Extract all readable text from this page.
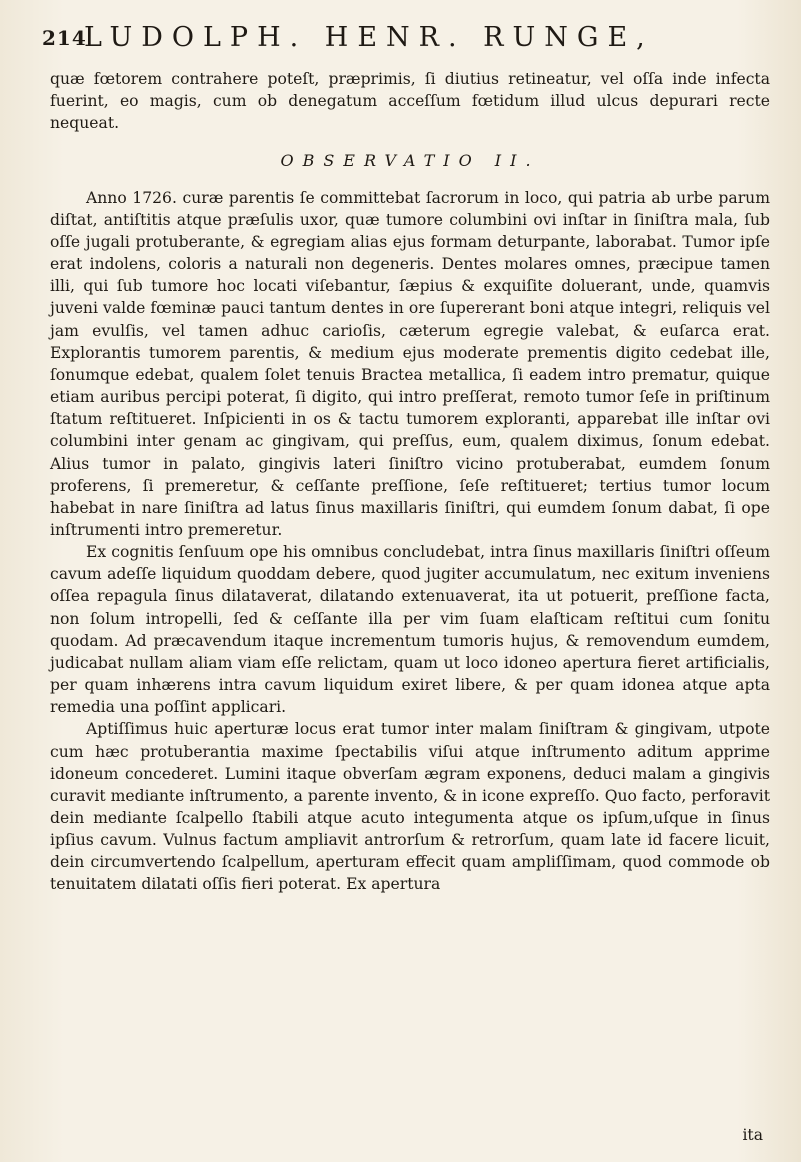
214
LUDOLPH. HENR. RUNGE,

quæ fœtorem contrahere poteſt, præprimis, ſi diutius retineatur, vel oſſa inde infecta fuerint, eo magis, cum ob denegatum acceſſum fœtidum illud ulcus depurari recte nequeat.

OBSERVATIO II.

Anno 1726. curæ parentis ſe committebat ſacrorum in loco, qui patria ab urbe parum diſtat, antiſtitis atque præſulis uxor, quæ tumore columbini ovi inſtar in ſiniſtra mala, ſub oſſe jugali protuberante, & egregiam alias ejus formam deturpante, laborabat. Tumor ipſe erat indolens, coloris a naturali non degeneris. Dentes molares omnes, præcipue tamen illi, qui ſub tumore hoc locati viſebantur, ſæpius & exquiſite doluerant, unde, quamvis juveni valde fœminæ pauci tantum dentes in ore ſupererant boni atque integri, reliquis vel jam evulſis, vel tamen adhuc carioſis, cæterum egregie valebat, & euſarca erat. Explorantis tumorem parentis, & medium ejus moderate prementis digito cedebat ille, ſonumque edebat, qualem ſolet tenuis Bractea metallica, ſi eadem intro prematur, quique etiam auribus percipi poterat, ſi digito, qui intro preſſerat, remoto tumor ſeſe in priſtinum ſtatum reſtitueret. Inſpicienti in os & tactu tumorem exploranti, apparebat ille inſtar ovi columbini inter genam ac gingivam, qui preſſus, eum, qualem diximus, ſonum edebat. Alius tumor in palato, gingivis lateri ſiniſtro vicino protuberabat, eumdem ſonum proferens, ſi premeretur, & ceſſante preſſione, ſeſe reſtitueret; tertius tumor locum habebat in nare ſiniſtra ad latus ſinus maxillaris ſiniſtri, qui eumdem ſonum dabat, ſi ope inſtrumenti intro premeretur.

Ex cognitis ſenſuum ope his omnibus concludebat, intra ſinus maxillaris ſiniſtri oſſeum cavum adeſſe liquidum quoddam debere, quod jugiter accumulatum, nec exitum inveniens oſſea repagula ſinus dilataverat, dilatando extenuaverat, ita ut potuerit, preſſione facta, non ſolum intropelli, ſed & ceſſante illa per vim ſuam elaſticam reſtitui cum ſonitu quodam. Ad præcavendum itaque incrementum tumoris hujus, & removendum eumdem, judicabat nullam aliam viam eſſe relictam, quam ut loco idoneo apertura fieret artificialis, per quam inhærens intra cavum liquidum exiret libere, & per quam idonea atque apta remedia una poſſint applicari.

Aptiſſimus huic aperturæ locus erat tumor inter malam ſiniſtram & gingivam, utpote cum hæc protuberantia maxime ſpectabilis viſui atque inſtrumento aditum apprime idoneum concederet. Lumini itaque obverſam ægram exponens, deduci malam a gingivis curavit mediante inſtrumento, a parente invento, & in icone expreſſo. Quo facto, perforavit dein mediante ſcalpello ſtabili atque acuto integumenta atque os ipſum,uſque in ſinus ipſius cavum. Vulnus factum ampliavit antrorſum & retrorſum, quam late id facere licuit, dein circumvertendo ſcalpellum, aperturam effecit quam ampliſſimam, quod commode ob tenuitatem dilatati oſſis fieri poterat. Ex apertura

ita
